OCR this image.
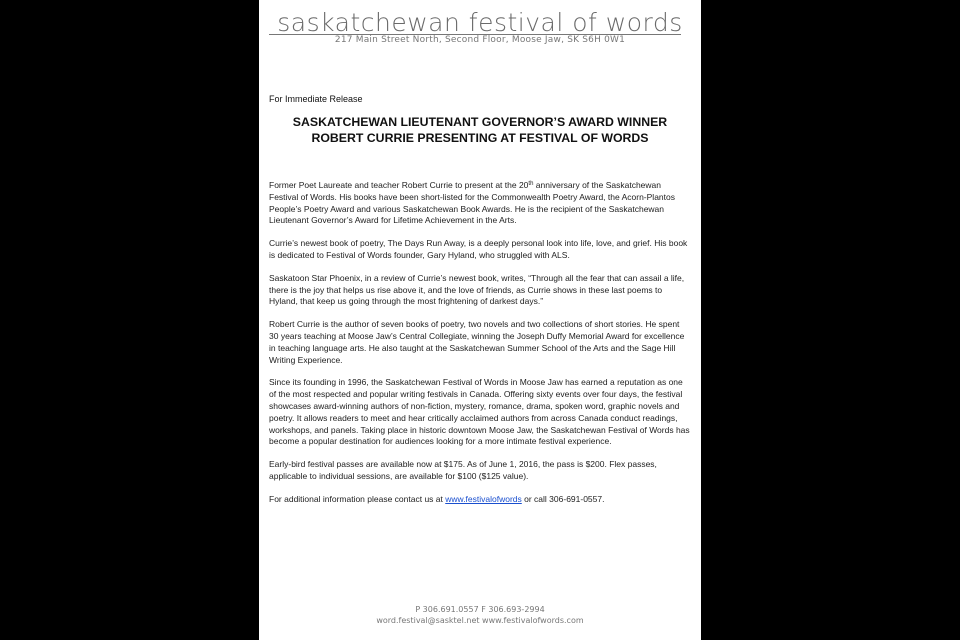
saskatchewan festival of words
217 Main Street North, Second Floor, Moose Jaw, SK S6H 0W1
For Immediate Release
SASKATCHEWAN LIEUTENANT GOVERNOR’S AWARD WINNER
ROBERT CURRIE PRESENTING AT FESTIVAL OF WORDS

Former Poet Laureate and teacher Robert Currie to present at the 20th anniversary of the Saskatchewan Festival of Words. His books have been short-listed for the Commonwealth Poetry Award, the Acorn-Plantos People’s Poetry Award and various Saskatchewan Book Awards. He is the recipient of the Saskatchewan Lieutenant Governor’s Award for Lifetime Achievement in the Arts.

Currie’s newest book of poetry, The Days Run Away, is a deeply personal look into life, love, and grief. His book is dedicated to Festival of Words founder, Gary Hyland, who struggled with ALS.

Saskatoon Star Phoenix, in a review of Currie’s newest book, writes, “Through all the fear that can assail a life, there is the joy that helps us rise above it, and the love of friends, as Currie shows in these last poems to Hyland, that keep us going through the most frightening of darkest days.”

Robert Currie is the author of seven books of poetry, two novels and two collections of short stories. He spent 30 years teaching at Moose Jaw’s Central Collegiate, winning the Joseph Duffy Memorial Award for excellence in teaching language arts. He also taught at the Saskatchewan Summer School of the Arts and the Sage Hill Writing Experience.

Since its founding in 1996, the Saskatchewan Festival of Words in Moose Jaw has earned a reputation as one of the most respected and popular writing festivals in Canada. Offering sixty events over four days, the festival showcases award-winning authors of non-fiction, mystery, romance, drama, spoken word, graphic novels and poetry. It allows readers to meet and hear critically acclaimed authors from across Canada conduct readings, workshops, and panels. Taking place in historic downtown Moose Jaw, the Saskatchewan Festival of Words has become a popular destination for audiences looking for a more intimate festival experience.

Early-bird festival passes are available now at $175. As of June 1, 2016, the pass is $200. Flex passes, applicable to individual sessions, are available for $100 ($125 value).

For additional information please contact us at www.festivalofwords or call 306-691-0557.

P 306.691.0557 F 306.693-2994
word.festival@sasktel.net www.festivalofwords.com
